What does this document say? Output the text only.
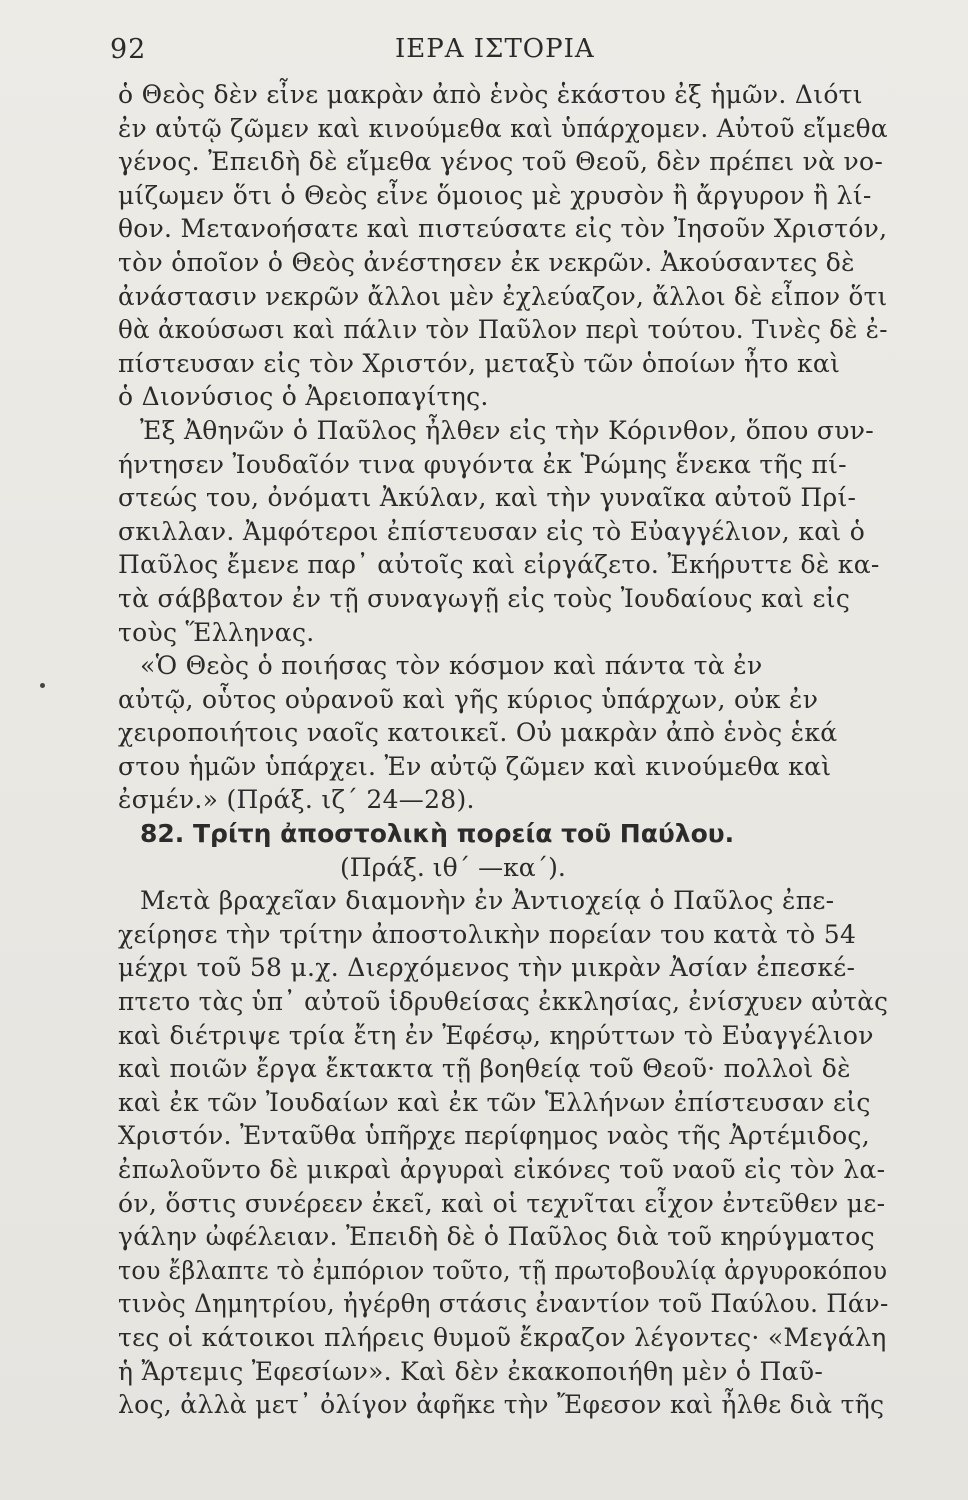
92	ΙΕΡΑ ΙΣΤΟΡΙΑ
ὁ Θεὸς δὲν εἶνε μακρὰν ἀπὸ ἑνὸς ἑκάστου ἐξ ἡμῶν. Διότι
ἐν αὐτῷ ζῶμεν καὶ κινούμεθα καὶ ὑπάρχομεν. Αὐτοῦ εἴμεθα
γένος. Ἐπειδὴ δὲ εἴμεθα γένος τοῦ Θεοῦ, δὲν πρέπει νὰ νο-
μίζωμεν ὅτι ὁ Θεὸς εἶνε ὅμοιος μὲ χρυσὸν ἢ ἄργυρον ἢ λί-
θον. Μετανοήσατε καὶ πιστεύσατε εἰς τὸν Ἰησοῦν Χριστόν,
τὸν ὁποῖον ὁ Θεὸς ἀνέστησεν ἐκ νεκρῶν. Ἀκούσαντες δὲ
ἀνάστασιν νεκρῶν ἄλλοι μὲν ἐχλεύαζον, ἄλλοι δὲ εἶπον ὅτι
θὰ ἀκούσωσι καὶ πάλιν τὸν Παῦλον περὶ τούτου. Τινὲς δὲ ἐ-
πίστευσαν εἰς τὸν Χριστόν, μεταξὺ τῶν ὁποίων ἦτο καὶ
ὁ Διονύσιος ὁ Ἀρειοπαγίτης.
Ἐξ Ἀθηνῶν ὁ Παῦλος ἦλθεν εἰς τὴν Κόρινθον, ὅπου συν-
ήντησεν Ἰουδαῖόν τινα φυγόντα ἐκ Ῥώμης ἕνεκα τῆς πί-
στεώς του, ὀνόματι Ἀκύλαν, καὶ τὴν γυναῖκα αὐτοῦ Πρί-
σκιλλαν. Ἀμφότεροι ἐπίστευσαν εἰς τὸ Εὐαγγέλιον, καὶ ὁ
Παῦλος ἔμενε παρ᾽ αὐτοῖς καὶ εἰργάζετο. Ἐκήρυττε δὲ κα-
τὰ σάββατον ἐν τῇ συναγωγῇ εἰς τοὺς Ἰουδαίους καὶ εἰς
τοὺς Ἕλληνας.
«Ὁ Θεὸς ὁ ποιήσας τὸν κόσμον καὶ πάντα τὰ ἐν
αὐτῷ, οὗτος οὐρανοῦ καὶ γῆς κύριος ὑπάρχων, οὐκ ἐν
χειροποιήτοις ναοῖς κατοικεῖ. Οὐ μακρὰν ἀπὸ ἑνὸς ἑκά
στου ἡμῶν ὑπάρχει. Ἐν αὐτῷ ζῶμεν καὶ κινούμεθα καὶ
ἐσμέν.» (Πράξ. ιζ´ 24—28).
82. Τρίτη ἀποστολικὴ πορεία τοῦ Παύλου.
(Πράξ. ιθ´ —κα´).
Μετὰ βραχεῖαν διαμονὴν ἐν Ἀντιοχείᾳ ὁ Παῦλος ἐπε-
χείρησε τὴν τρίτην ἀποστολικὴν πορείαν του κατὰ τὸ 54
μέχρι τοῦ 58 μ.χ. Διερχόμενος τὴν μικρὰν Ἀσίαν ἐπεσκέ-
πτετο τὰς ὑπ᾽ αὐτοῦ ἱδρυθείσας ἐκκλησίας, ἐνίσχυεν αὐτὰς
καὶ διέτριψε τρία ἔτη ἐν Ἐφέσῳ, κηρύττων τὸ Εὐαγγέλιον
καὶ ποιῶν ἔργα ἔκτακτα τῇ βοηθείᾳ τοῦ Θεοῦ· πολλοὶ δὲ
καὶ ἐκ τῶν Ἰουδαίων καὶ ἐκ τῶν Ἑλλήνων ἐπίστευσαν εἰς
Χριστόν. Ἐνταῦθα ὑπῆρχε περίφημος ναὸς τῆς Ἀρτέμιδος,
ἐπωλοῦντο δὲ μικραὶ ἀργυραὶ εἰκόνες τοῦ ναοῦ εἰς τὸν λα-
όν, ὅστις συνέρεεν ἐκεῖ, καὶ οἱ τεχνῖται εἶχον ἐντεῦθεν με-
γάλην ὠφέλειαν. Ἐπειδὴ δὲ ὁ Παῦλος διὰ τοῦ κηρύγματος
του ἔβλαπτε τὸ ἐμπόριον τοῦτο, τῇ πρωτοβουλίᾳ ἀργυροκόπου
τινὸς Δημητρίου, ἠγέρθη στάσις ἐναντίον τοῦ Παύλου. Πάν-
τες οἱ κάτοικοι πλήρεις θυμοῦ ἔκραζον λέγοντες· «Μεγάλη
ἡ Ἄρτεμις Ἐφεσίων». Καὶ δὲν ἐκακοποιήθη μὲν ὁ Παῦ-
λος, ἀλλὰ μετ᾽ ὀλίγον ἀφῆκε τὴν Ἔφεσον καὶ ἦλθε διὰ τῆς
